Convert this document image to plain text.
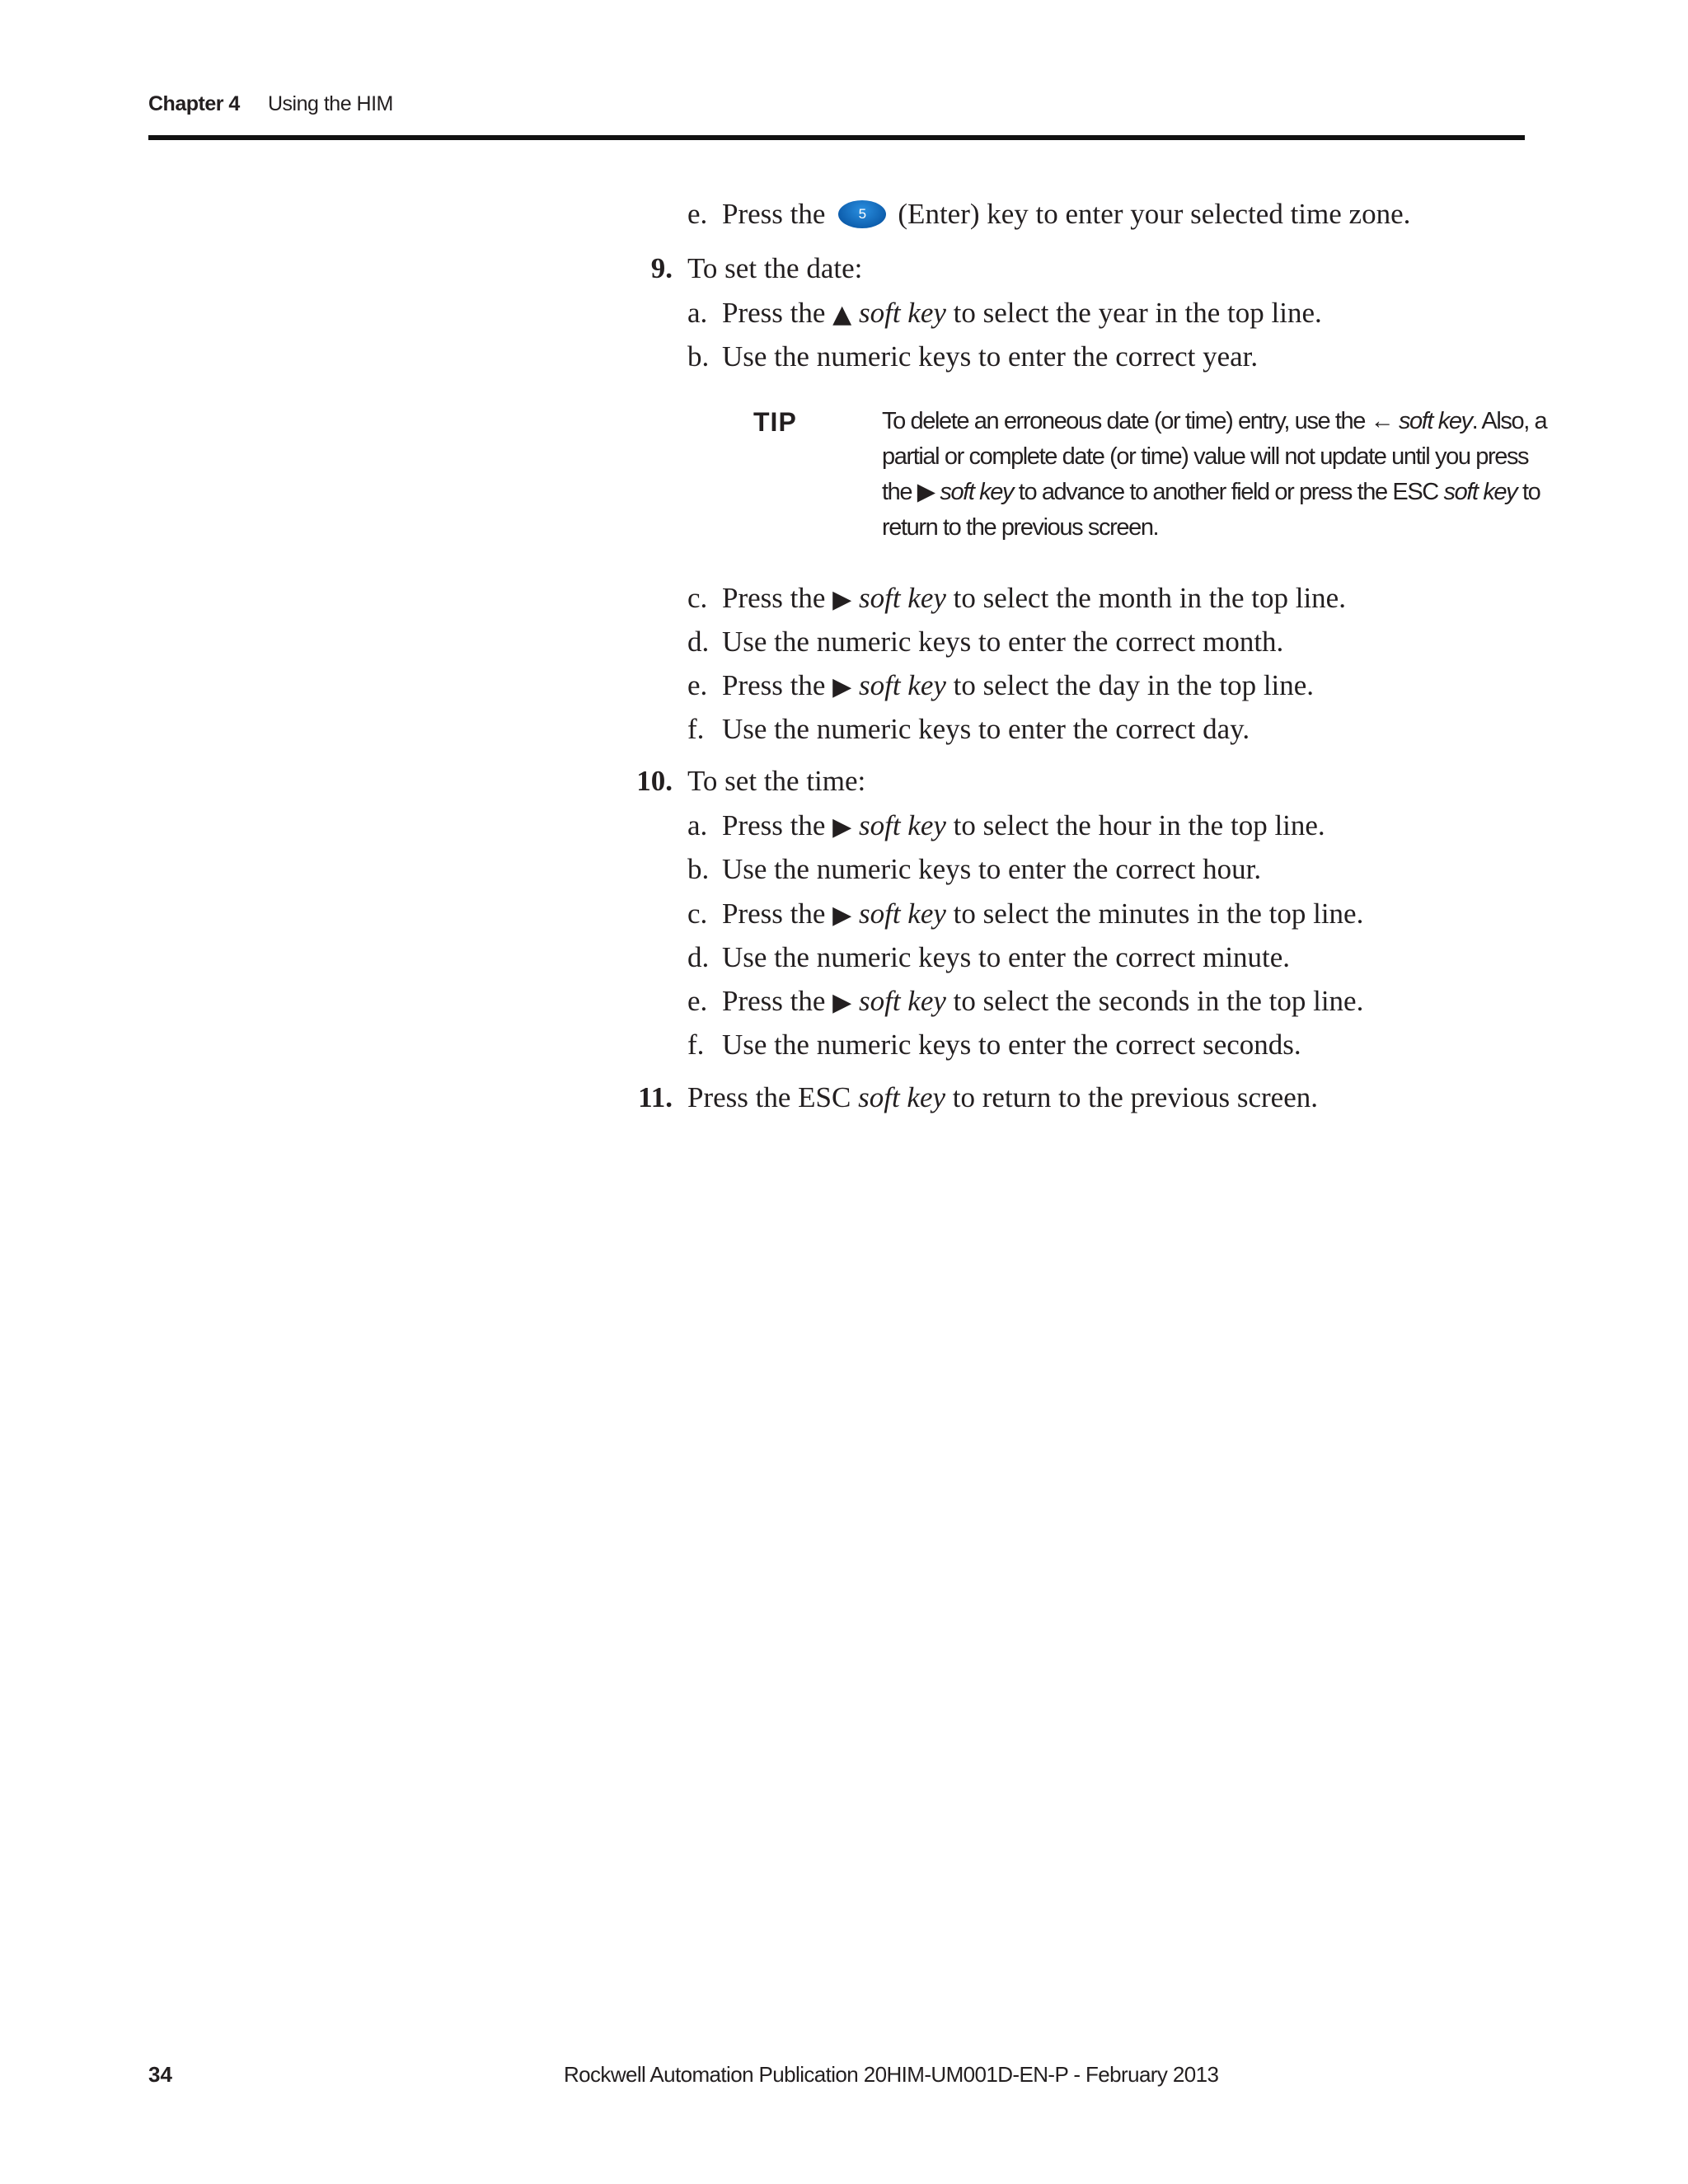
Chapter 4 Using the HIM
e. Press the 5 (Enter) key to enter your selected time zone.
9. To set the date:
a. Press the ▲ soft key to select the year in the top line.
b. Use the numeric keys to enter the correct year.
TIP	To delete an erroneous date (or time) entry, use the ← soft key. Also, a
partial or complete date (or time) value will not update until you press
the ▶ soft key to advance to another field or press the ESC soft key to
return to the previous screen.
c. Press the ▶ soft key to select the month in the top line.
d. Use the numeric keys to enter the correct month.
e. Press the ▶ soft key to select the day in the top line.
f. Use the numeric keys to enter the correct day.
10. To set the time:
a. Press the ▶ soft key to select the hour in the top line.
b. Use the numeric keys to enter the correct hour.
c. Press the ▶ soft key to select the minutes in the top line.
d. Use the numeric keys to enter the correct minute.
e. Press the ▶ soft key to select the seconds in the top line.
f. Use the numeric keys to enter the correct seconds.
11. Press the ESC soft key to return to the previous screen.
34	Rockwell Automation Publication 20HIM-UM001D-EN-P - February 2013
